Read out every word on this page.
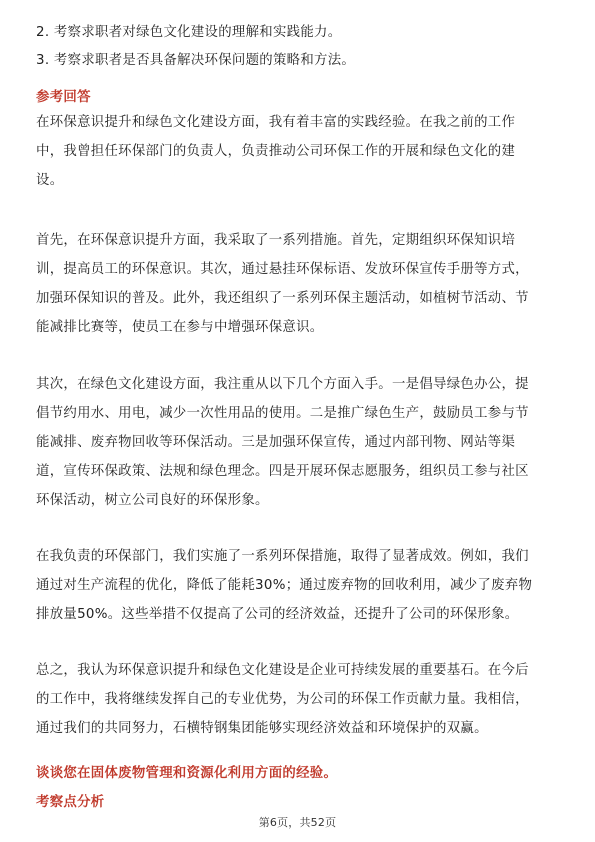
2. 考察求职者对绿色文化建设的理解和实践能力。
3. 考察求职者是否具备解决环保问题的策略和方法。
参考回答
在环保意识提升和绿色文化建设方面，我有着丰富的实践经验。在我之前的工作
中，我曾担任环保部门的负责人，负责推动公司环保工作的开展和绿色文化的建
设。
首先，在环保意识提升方面，我采取了一系列措施。首先，定期组织环保知识培
训，提高员工的环保意识。其次，通过悬挂环保标语、发放环保宣传手册等方式，
加强环保知识的普及。此外，我还组织了一系列环保主题活动，如植树节活动、节
能减排比赛等，使员工在参与中增强环保意识。
其次，在绿色文化建设方面，我注重从以下几个方面入手。一是倡导绿色办公，提
倡节约用水、用电，减少一次性用品的使用。二是推广绿色生产，鼓励员工参与节
能减排、废弃物回收等环保活动。三是加强环保宣传，通过内部刊物、网站等渠
道，宣传环保政策、法规和绿色理念。四是开展环保志愿服务，组织员工参与社区
环保活动，树立公司良好的环保形象。
在我负责的环保部门，我们实施了一系列环保措施，取得了显著成效。例如，我们
通过对生产流程的优化，降低了能耗30%；通过废弃物的回收利用，减少了废弃物
排放量50%。这些举措不仅提高了公司的经济效益，还提升了公司的环保形象。
总之，我认为环保意识提升和绿色文化建设是企业可持续发展的重要基石。在今后
的工作中，我将继续发挥自己的专业优势，为公司的环保工作贡献力量。我相信，
通过我们的共同努力，石横特钢集团能够实现经济效益和环境保护的双赢。
谈谈您在固体废物管理和资源化利用方面的经验。
考察点分析
第6页，共52页
